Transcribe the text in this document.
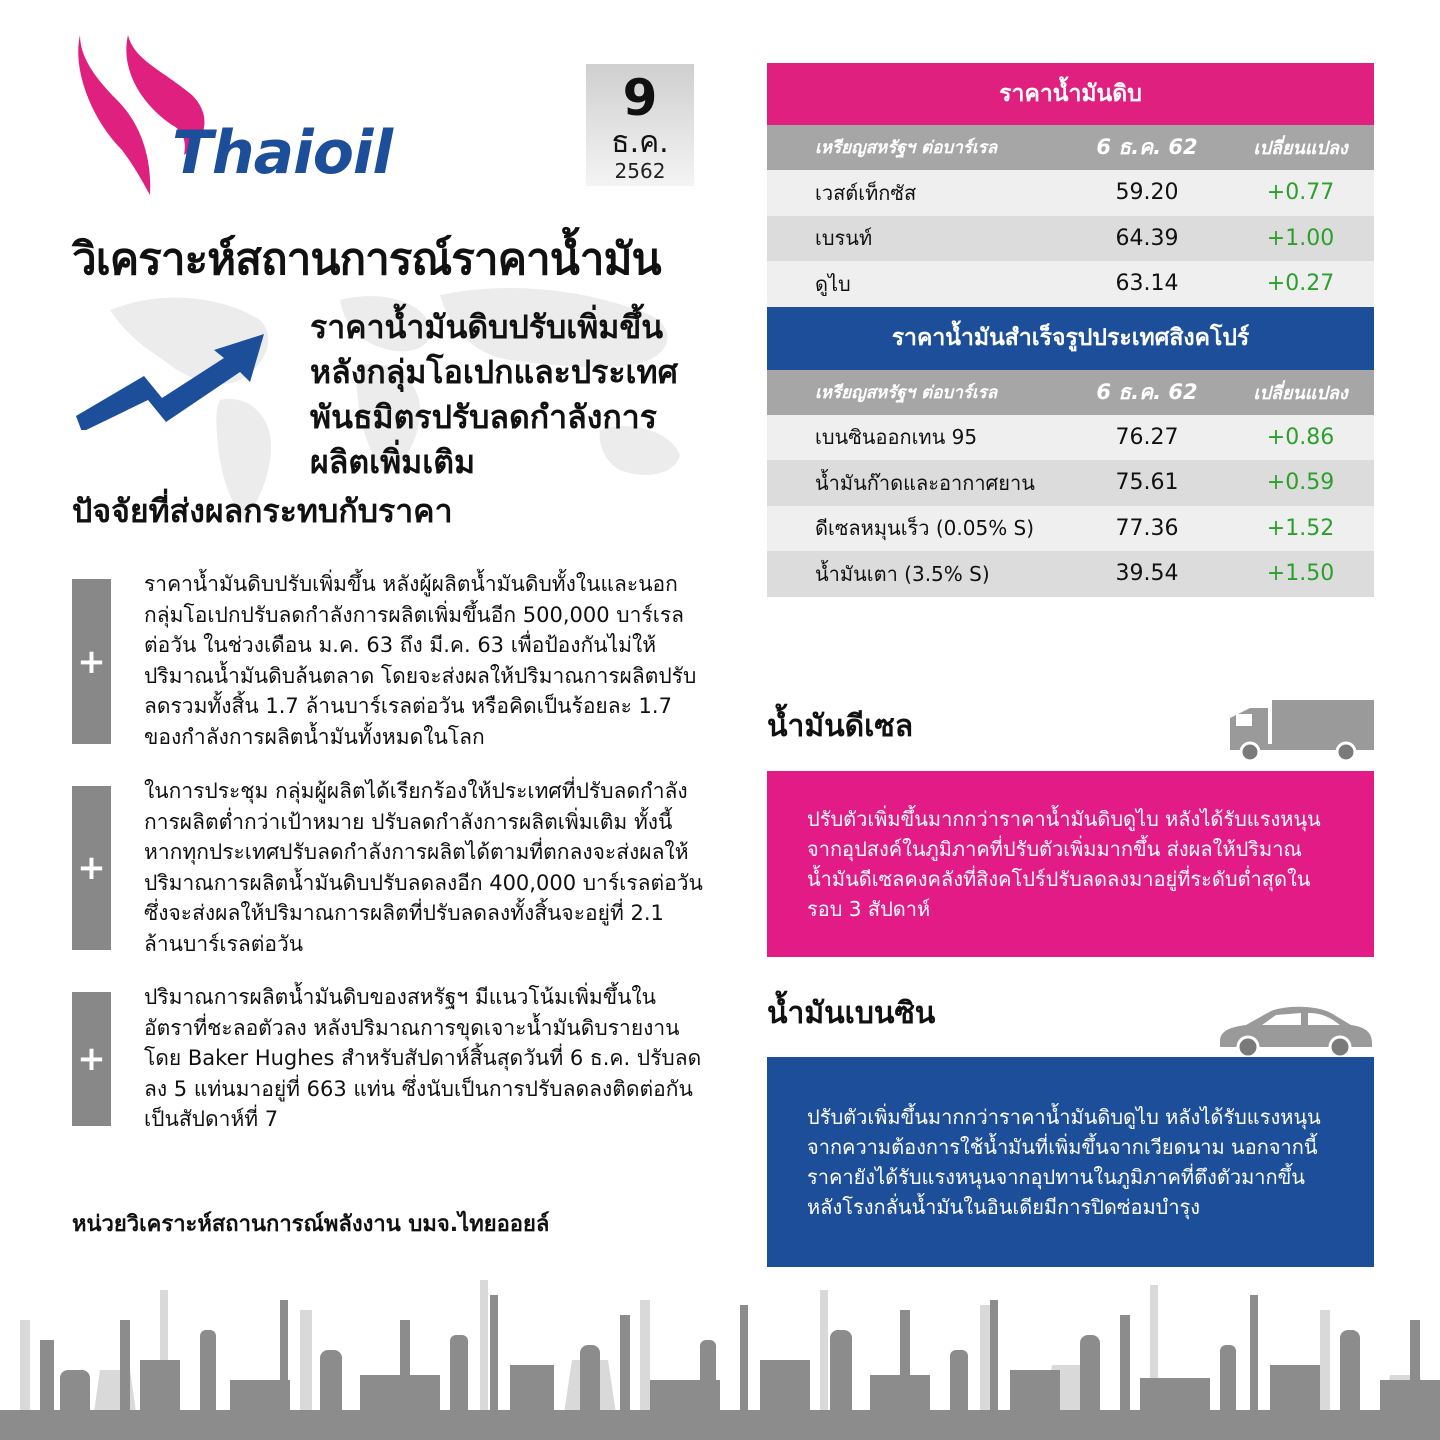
Thaioil
9
ธ.ค.
2562
วิเคราะห์สถานการณ์ราคาน้ำมัน
ราคาน้ำมันดิบปรับเพิ่มขึ้นหลังกลุ่มโอเปกและประเทศพันธมิตรปรับลดกำลังการผลิตเพิ่มเติม
ปัจจัยที่ส่งผลกระทบกับราคา
+
ราคาน้ำมันดิบปรับเพิ่มขึ้น หลังผู้ผลิตน้ำมันดิบทั้งในและนอกกลุ่มโอเปกปรับลดกำลังการผลิตเพิ่มขึ้นอีก 500,000 บาร์เรลต่อวัน ในช่วงเดือน ม.ค. 63 ถึง มี.ค. 63 เพื่อป้องกันไม่ให้ปริมาณน้ำมันดิบล้นตลาด โดยจะส่งผลให้ปริมาณการผลิตปรับลดรวมทั้งสิ้น 1.7 ล้านบาร์เรลต่อวัน หรือคิดเป็นร้อยละ 1.7 ของกำลังการผลิตน้ำมันทั้งหมดในโลก
+
ในการประชุม กลุ่มผู้ผลิตได้เรียกร้องให้ประเทศที่ปรับลดกำลังการผลิตต่ำกว่าเป้าหมาย ปรับลดกำลังการผลิตเพิ่มเติม ทั้งนี้ หากทุกประเทศปรับลดกำลังการผลิตได้ตามที่ตกลงจะส่งผลให้ปริมาณการผลิตน้ำมันดิบปรับลดลงอีก 400,000 บาร์เรลต่อวัน ซึ่งจะส่งผลให้ปริมาณการผลิตที่ปรับลดลงทั้งสิ้นจะอยู่ที่ 2.1 ล้านบาร์เรลต่อวัน
+
ปริมาณการผลิตน้ำมันดิบของสหรัฐฯ มีแนวโน้มเพิ่มขึ้นในอัตราที่ชะลอตัวลง หลังปริมาณการขุดเจาะน้ำมันดิบรายงานโดย Baker Hughes สำหรับสัปดาห์สิ้นสุดวันที่ 6 ธ.ค. ปรับลดลง 5 แท่นมาอยู่ที่ 663 แท่น ซึ่งนับเป็นการปรับลดลงติดต่อกันเป็นสัปดาห์ที่ 7
หน่วยวิเคราะห์สถานการณ์พลังงาน บมจ.ไทยออยล์
ราคาน้ำมันดิบ
เหรียญสหรัฐฯ ต่อบาร์เรล	6 ธ.ค. 62	เปลี่ยนแปลง
เวสต์เท็กซัส	59.20	+0.77
เบรนท์	64.39	+1.00
ดูไบ	63.14	+0.27
ราคาน้ำมันสำเร็จรูปประเทศสิงคโปร์
เหรียญสหรัฐฯ ต่อบาร์เรล	6 ธ.ค. 62	เปลี่ยนแปลง
เบนซินออกเทน 95	76.27	+0.86
น้ำมันก๊าดและอากาศยาน	75.61	+0.59
ดีเซลหมุนเร็ว (0.05% S)	77.36	+1.52
น้ำมันเตา (3.5% S)	39.54	+1.50
น้ำมันดีเซล
ปรับตัวเพิ่มขึ้นมากกว่าราคาน้ำมันดิบดูไบ หลังได้รับแรงหนุนจากอุปสงค์ในภูมิภาคที่ปรับตัวเพิ่มมากขึ้น ส่งผลให้ปริมาณน้ำมันดีเซลคงคลังที่สิงคโปร์ปรับลดลงมาอยู่ที่ระดับต่ำสุดในรอบ 3 สัปดาห์
น้ำมันเบนซิน
ปรับตัวเพิ่มขึ้นมากกว่าราคาน้ำมันดิบดูไบ หลังได้รับแรงหนุนจากความต้องการใช้น้ำมันที่เพิ่มขึ้นจากเวียดนาม นอกจากนี้ราคายังได้รับแรงหนุนจากอุปทานในภูมิภาคที่ตึงตัวมากขึ้น หลังโรงกลั่นน้ำมันในอินเดียมีการปิดซ่อมบำรุง
